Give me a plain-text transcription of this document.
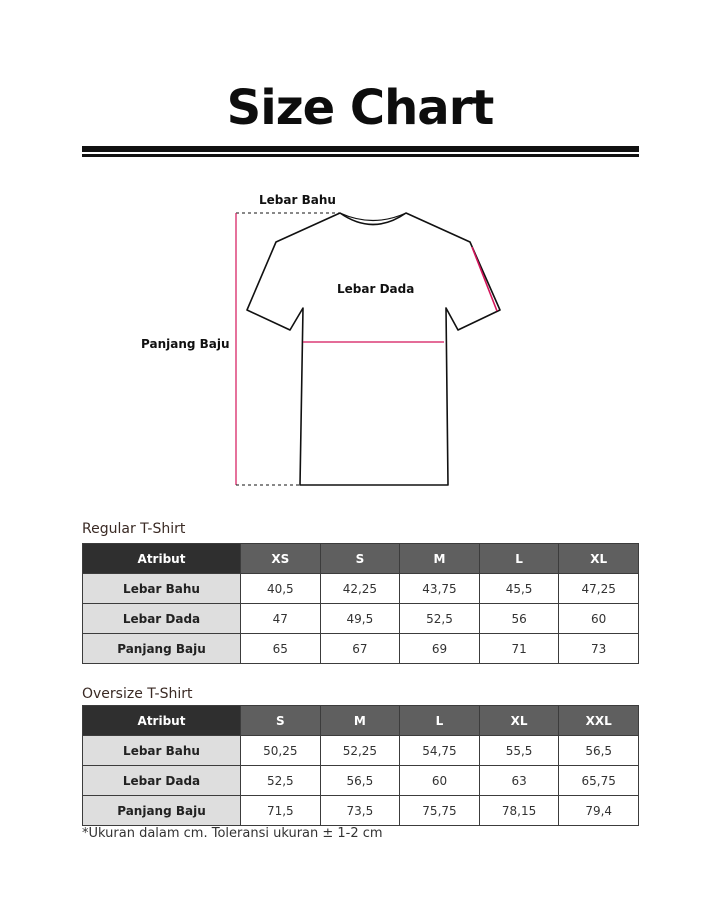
Size Chart
Lebar Bahu
Lebar Dada
Panjang Baju
Regular T-Shirt
Atribut	XS	S	M	L	XL
Lebar Bahu	40,5	42,25	43,75	45,5	47,25
Lebar Dada	47	49,5	52,5	56	60
Panjang Baju	65	67	69	71	73
Oversize T-Shirt
Atribut	S	M	L	XL	XXL
Lebar Bahu	50,25	52,25	54,75	55,5	56,5
Lebar Dada	52,5	56,5	60	63	65,75
Panjang Baju	71,5	73,5	75,75	78,15	79,4
*Ukuran dalam cm. Toleransi ukuran ± 1-2 cm
